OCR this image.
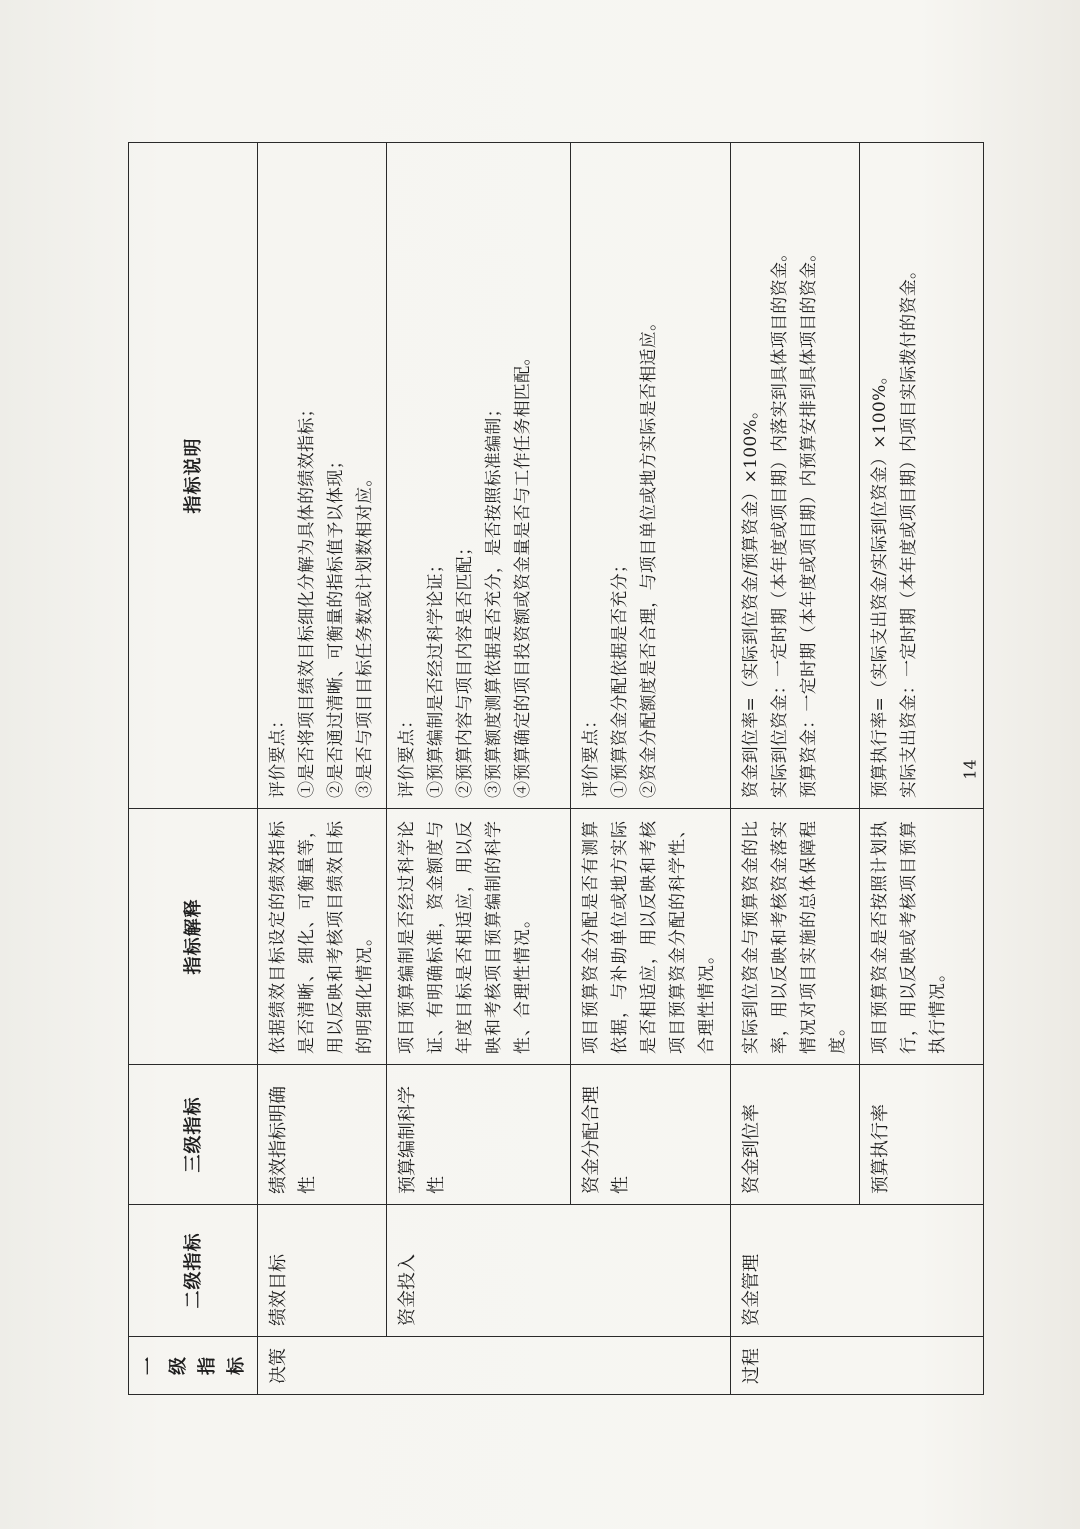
一级指标	二级指标	三级指标	指标解释	指标说明
决策	绩效目标	绩效指标明确性	依据绩效目标设定的绩效指标是否清晰、细化、可衡量等，用以反映和考核项目绩效目标的明细化情况。	评价要点： ①是否将项目绩效目标细化分解为具体的绩效指标； ②是否通过清晰、可衡量的指标值予以体现； ③是否与项目目标任务数或计划数相对应。

	资金投入	预算编制科学性	项目预算编制是否经过科学论证、有明确标准，资金额度与年度目标是否相适应，用以反映和考核项目预算编制的科学性、合理性情况。	评价要点： ①预算编制是否经过科学论证； ②预算内容与项目内容是否匹配； ③预算额度测算依据是否充分，是否按照标准编制； ④预算确定的项目投资额或资金量是否与工作任务相匹配。

		资金分配合理性	项目预算资金分配是否有测算依据，与补助单位或地方实际是否相适应，用以反映和考核项目预算资金分配的科学性、合理性情况。	评价要点： ①预算资金分配依据是否充分； ②资金分配额度是否合理，与项目单位或地方实际是否相适应。

过程	资金管理	资金到位率	实际到位资金与预算资金的比率，用以反映和考核资金落实情况对项目实施的总体保障程度。	资金到位率=（实际到位资金/预算资金）×100%。 实际到位资金：一定时期（本年度或项目期）内落实到具体项目的资金。 预算资金：一定时期（本年度或项目期）内预算安排到具体项目的资金。

		预算执行率	项目预算资金是否按照计划执行，用以反映或考核项目预算执行情况。	预算执行率=（实际支出资金/实际到位资金）×100%。 实际支出资金：一定时期（本年度或项目期）内项目实际拨付的资金。	14
